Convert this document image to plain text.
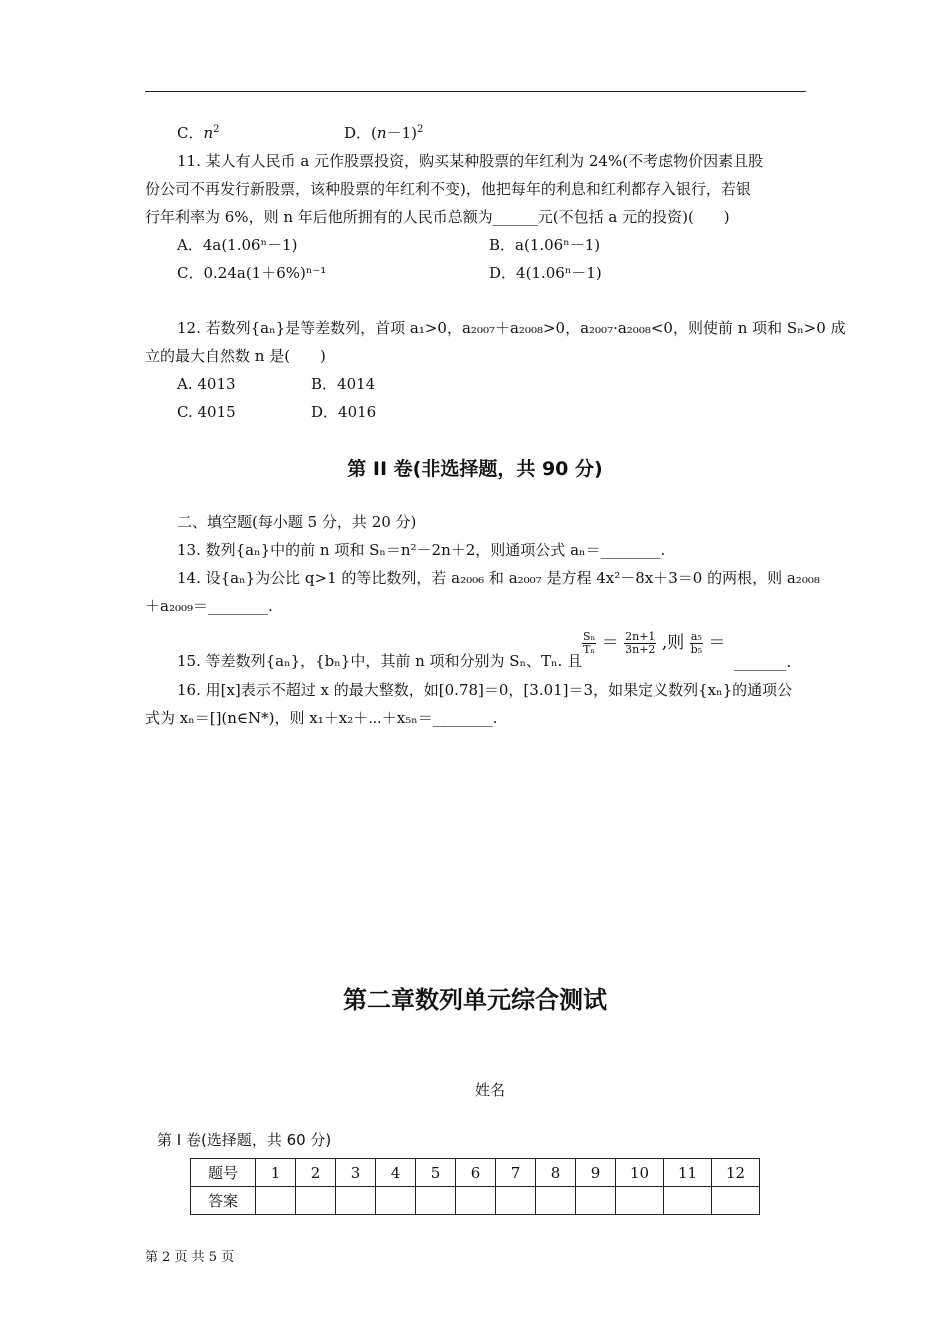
C．$n^2$	D．$(n-1)^2$
11. 某人有人民币 a 元作股票投资，购买某种股票的年红利为 24%(不考虑物价因素且股
份公司不再发行新股票，该种股票的年红利不变)，他把每年的利息和红利都存入银行，若银
行年利率为 6%，则 n 年后他所拥有的人民币总额为______元(不包括 a 元的投资)(　　)
A．4a(1.06ⁿ－1)	B．a(1.06ⁿ－1)
C．0.24a(1＋6%)ⁿ⁻¹	D．4(1.06ⁿ－1)
12. 若数列{aₙ}是等差数列，首项 a₁>0，a₂₀₀₇＋a₂₀₀₈>0，a₂₀₀₇·a₂₀₀₈<0，则使前 n 项和 Sₙ>0 成
立的最大自然数 n 是(　　)
A. 4013	B．4014
C. 4015	D．4016
第 II 卷(非选择题，共 90 分)
二、填空题(每小题 5 分，共 20 分)
13. 数列{aₙ}中的前 n 项和 Sₙ＝n²－2n＋2，则通项公式 aₙ＝________.
14. 设{aₙ}为公比 q>1 的等比数列，若 a₂₀₀₆ 和 a₂₀₀₇ 是方程 4x²－8x＋3＝0 的两根，则 a₂₀₀₈
＋a₂₀₀₉＝________.
15. 等差数列{aₙ}，{bₙ}中，其前 n 项和分别为 Sₙ、Tₙ. 且
$\frac{\text{Sₙ}}{\text{Tₙ}} = \frac{2n+1}{3n+2}$ ,则 $\frac{\text{a₅}}{\text{b₅}}$ ＝
_______.
16. 用[x]表示不超过 x 的最大整数，如[0.78]＝0，[3.01]＝3，如果定义数列{xₙ}的通项公
式为 xₙ＝[](n∈N*)，则 x₁＋x₂＋⋯＋x₅ₙ＝________.
第二章数列单元综合测试
姓名
第 I 卷(选择题，共 60 分)
题号	1	2	3	4	5	6	7	8	9	10	11	12
答案												
第 2 页 共 5 页
